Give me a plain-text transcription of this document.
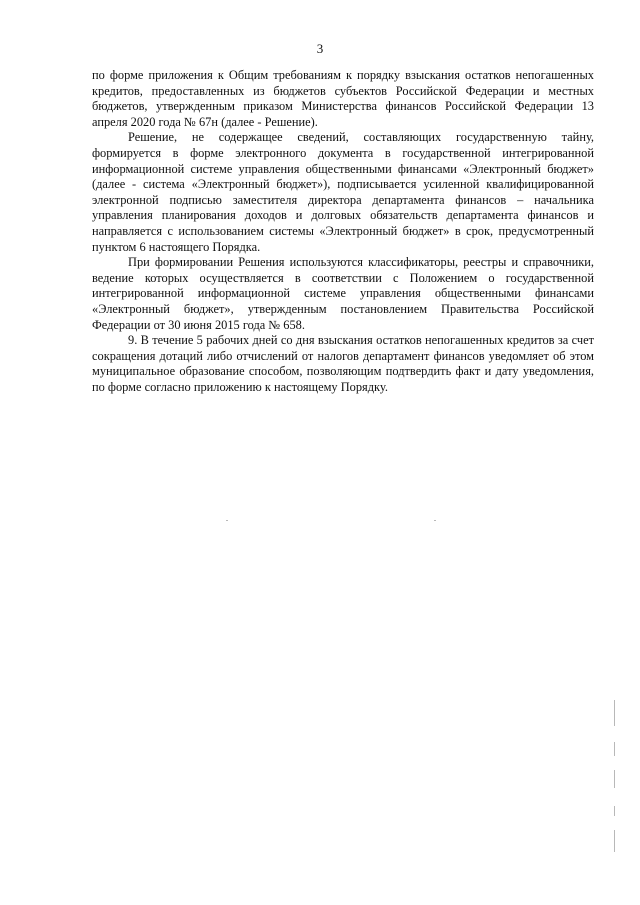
3

по форме приложения к Общим требованиям к порядку взыскания остатков непогашенных кредитов, предоставленных из бюджетов субъектов Российской Федерации и местных бюджетов, утвержденным приказом Министерства финансов Российской Федерации 13 апреля 2020 года № 67н (далее - Решение).

Решение, не содержащее сведений, составляющих государственную тайну, формируется в форме электронного документа в государственной интегрированной информационной системе управления общественными финансами «Электронный бюджет» (далее - система «Электронный бюджет»), подписывается усиленной квалифицированной электронной подписью заместителя директора департамента финансов – начальника управления планирования доходов и долговых обязательств департамента финансов и направляется с использованием системы «Электронный бюджет» в срок, предусмотренный пунктом 6 настоящего Порядка.

При формировании Решения используются классификаторы, реестры и справочники, ведение которых осуществляется в соответствии с Положением о государственной интегрированной информационной системе управления общественными финансами «Электронный бюджет», утвержденным постановлением Правительства Российской Федерации от 30 июня 2015 года № 658.

9. В течение 5 рабочих дней со дня взыскания остатков непогашенных кредитов за счет сокращения дотаций либо отчислений от налогов департамент финансов уведомляет об этом муниципальное образование способом, позволяющим подтвердить факт и дату уведомления, по форме согласно приложению к настоящему Порядку.
